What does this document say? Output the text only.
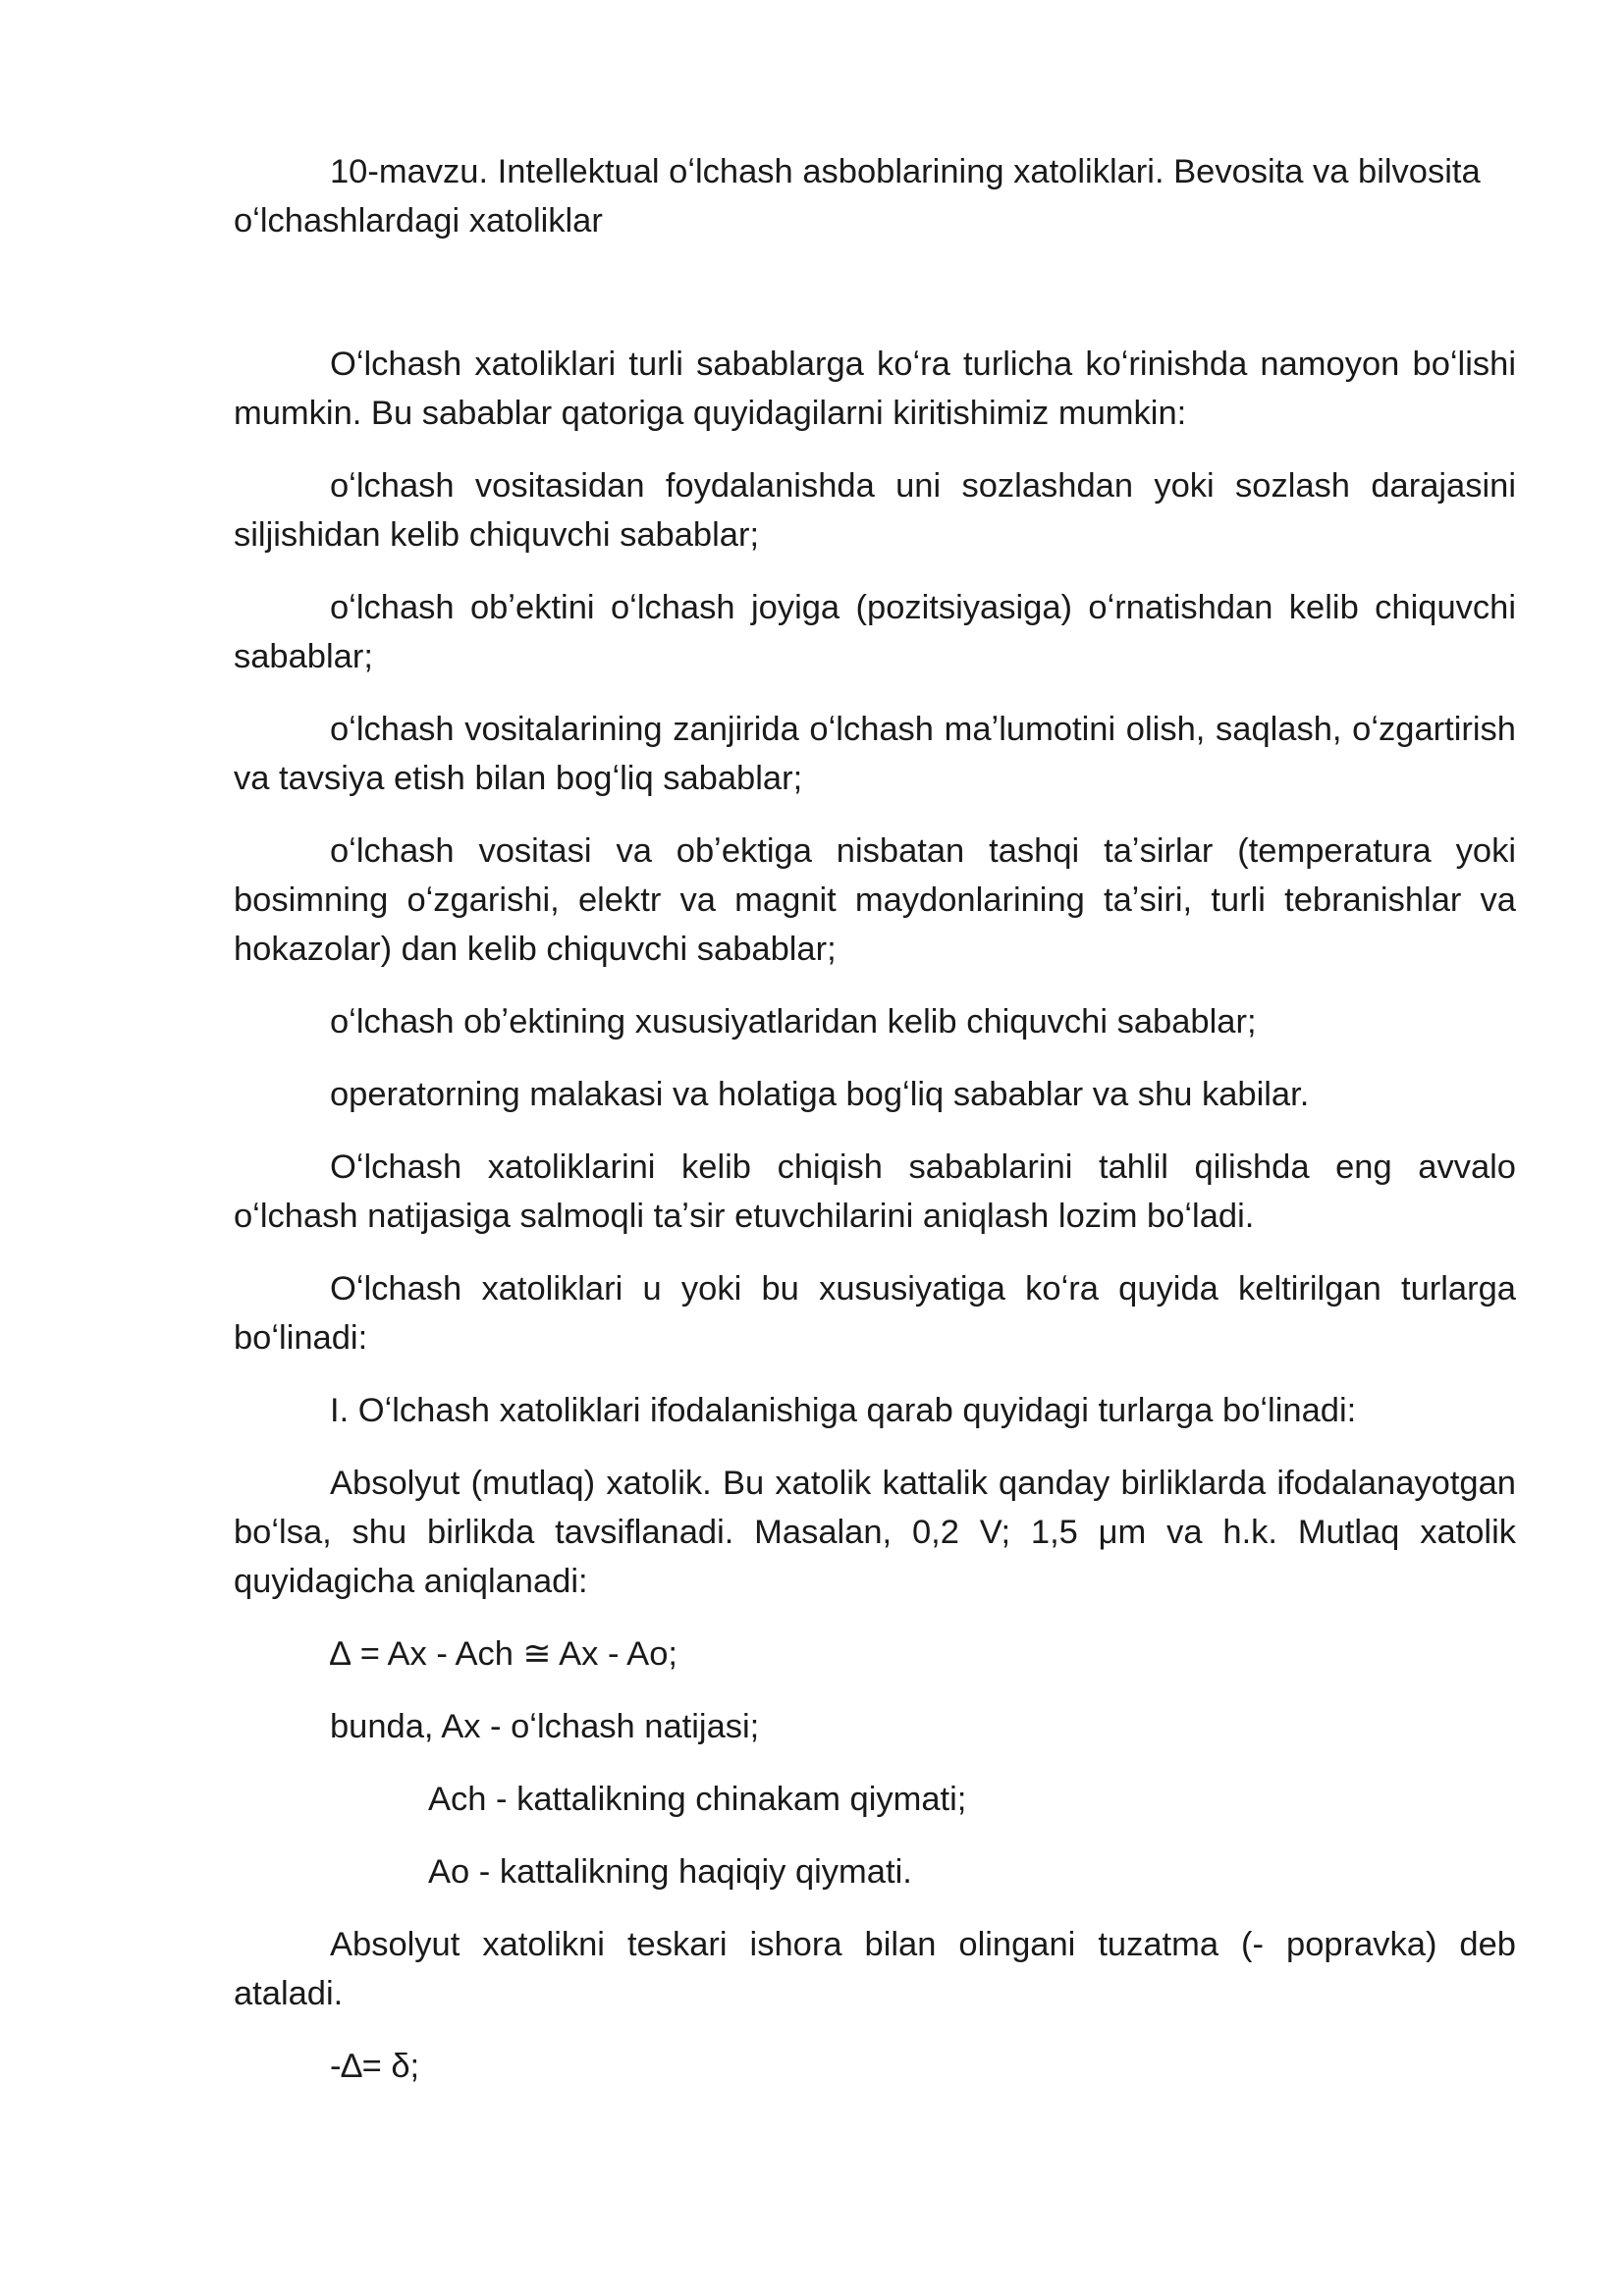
10-mavzu. Intellektual oʻlchash asboblarining xatoliklari. Bevosita va bilvosita oʻlchashlardagi xatoliklar

Oʻlchash xatoliklari turli sabablarga koʻra turlicha koʻrinishda namoyon boʻlishi mumkin. Bu sabablar qatoriga quyidagilarni kiritishimiz mumkin:

oʻlchash vositasidan foydalanishda uni sozlashdan yoki sozlash darajasini siljishidan kelib chiquvchi sabablar;

oʻlchash obʼektini oʻlchash joyiga (pozitsiyasiga) oʻrnatishdan kelib chiquvchi sabablar;

oʻlchash vositalarining zanjirida oʻlchash maʼlumotini olish, saqlash, oʻzgartirish va tavsiya etish bilan bogʻliq sabablar;

oʻlchash vositasi va obʼektiga nisbatan tashqi taʼsirlar (temperatura yoki bosimning oʻzgarishi, elektr va magnit maydonlarining taʼsiri, turli tebranishlar va hokazolar) dan kelib chiquvchi sabablar;

oʻlchash obʼektining xususiyatlaridan kelib chiquvchi sabablar;

operatorning malakasi va holatiga bogʻliq sabablar va shu kabilar.

Oʻlchash xatoliklarini kelib chiqish sabablarini tahlil qilishda eng avvalo oʻlchash natijasiga salmoqli taʼsir etuvchilarini aniqlash lozim boʻladi.

Oʻlchash xatoliklari u yoki bu xususiyatiga koʻra quyida keltirilgan turlarga boʻlinadi:

I. Oʻlchash xatoliklari ifodalanishiga qarab quyidagi turlarga boʻlinadi:

Absolyut (mutlaq) xatolik. Bu xatolik kattalik qanday birliklarda ifodalanayotgan boʻlsa, shu birlikda tavsiflanadi. Masalan, 0,2 V; 1,5 μm va h.k. Mutlaq xatolik quyidagicha aniqlanadi:

∆ = Ax - Ach ≅ Ax - Ao;

bunda, Ax - oʻlchash natijasi;

Ach - kattalikning chinakam qiymati;

Ao - kattalikning haqiqiy qiymati.

Absolyut xatolikni teskari ishora bilan olingani tuzatma (- popravka) deb ataladi.

-∆= δ;
